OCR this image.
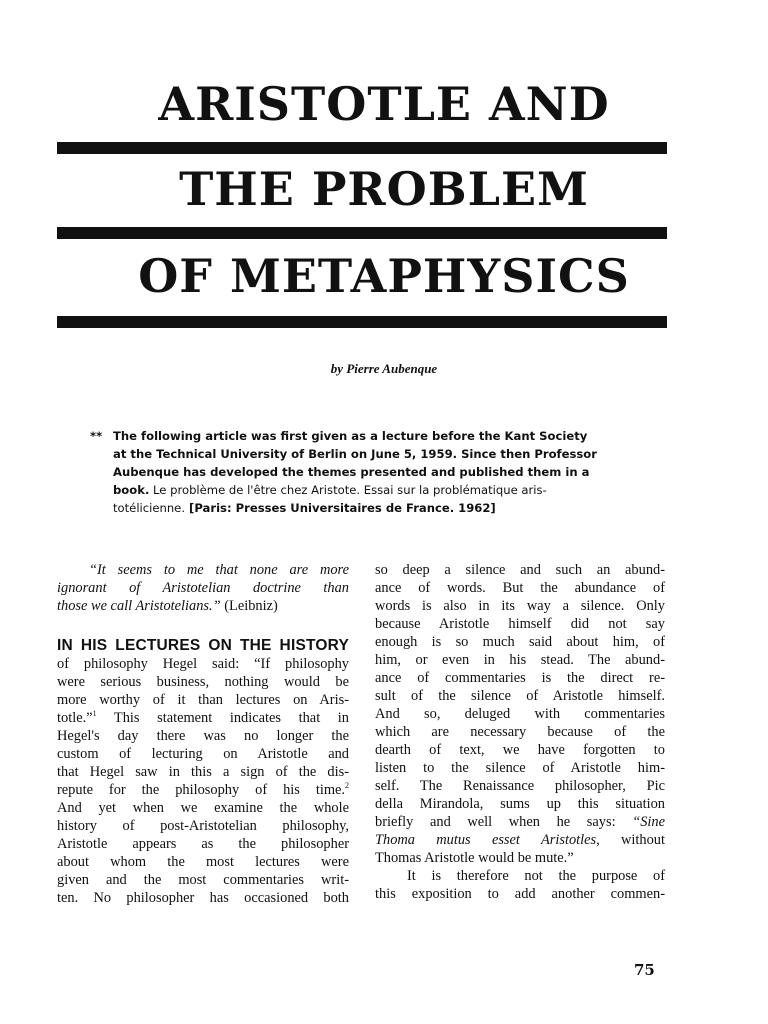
ARISTOTLE AND
THE PROBLEM
OF METAPHYSICS
by Pierre Aubenque
** The following article was first given as a lecture before the Kant Society
at the Technical University of Berlin on June 5, 1959. Since then Professor
Aubenque has developed the themes presented and published them in a
book. Le problème de l'être chez Aristote. Essai sur la problématique aris-
totélicienne. [Paris: Presses Universitaires de France. 1962]
“It seems to me that none are more
ignorant of Aristotelian doctrine than
those we call Aristotelians.” (Leibniz)
IN HIS LECTURES ON THE HISTORY
of philosophy Hegel said: “If philosophy
were serious business, nothing would be
more worthy of it than lectures on Aris-
totle.”$^1$ This statement indicates that in
Hegel's day there was no longer the
custom of lecturing on Aristotle and
that Hegel saw in this a sign of the dis-
repute for the philosophy of his time.$^2$
And yet when we examine the whole
history of post-Aristotelian philosophy,
Aristotle appears as the philosopher
about whom the most lectures were
given and the most commentaries writ-
ten. No philosopher has occasioned both
so deep a silence and such an abund-
ance of words. But the abundance of
words is also in its way a silence. Only
because Aristotle himself did not say
enough is so much said about him, of
him, or even in his stead. The abund-
ance of commentaries is the direct re-
sult of the silence of Aristotle himself.
And so, deluged with commentaries
which are necessary because of the
dearth of text, we have forgotten to
listen to the silence of Aristotle him-
self. The Renaissance philosopher, Pic
della Mirandola, sums up this situation
briefly and well when he says: “Sine
Thoma mutus esset Aristotles, without
Thomas Aristotle would be mute.”
It is therefore not the purpose of
this exposition to add another commen-
75
